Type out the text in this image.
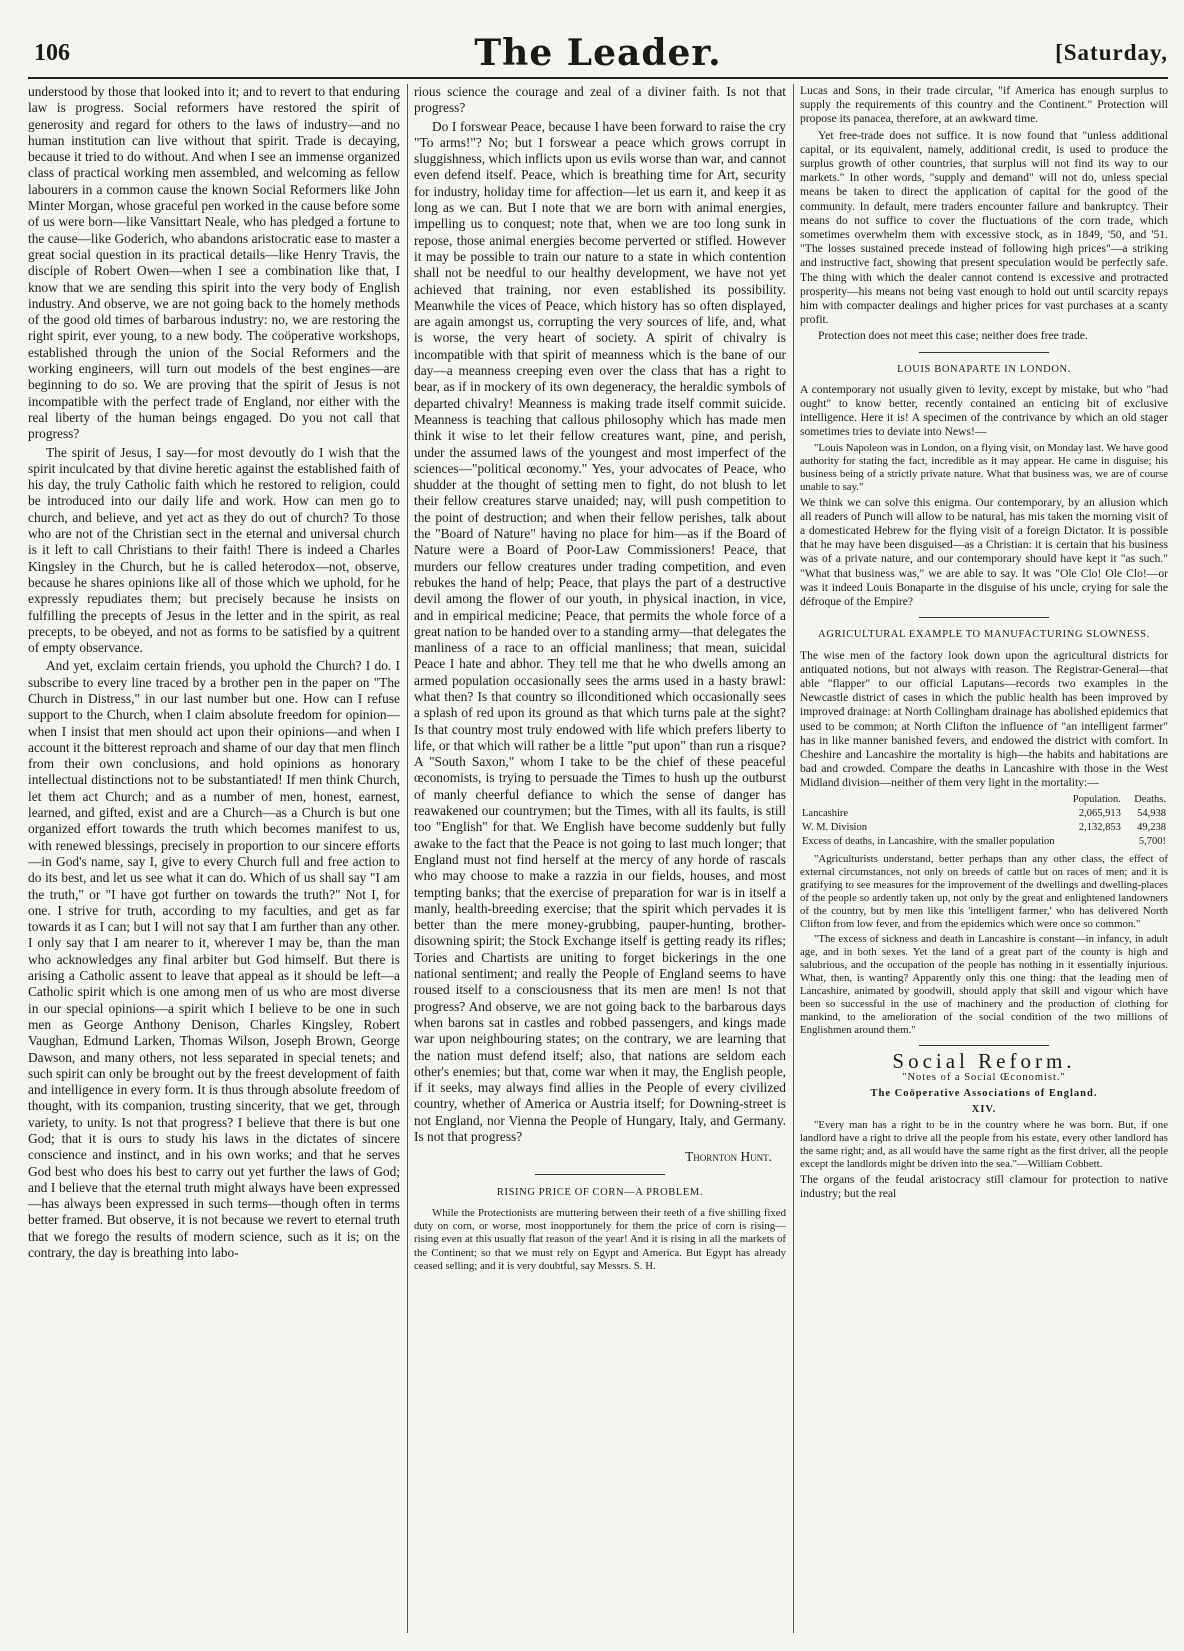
106	The Leader.	[Saturday,

understood by those that looked into it; and to revert to that enduring law is progress. Social reformers have restored the spirit of generosity and regard for others to the laws of industry—and no human institution can live without that spirit. Trade is decaying, because it tried to do without. And when I see an immense organized class of practical working men assembled, and welcoming as fellow labourers in a common cause the known Social Reformers like John Minter Morgan, whose graceful pen worked in the cause before some of us were born—like Vansittart Neale, who has pledged a fortune to the cause—like Goderich, who abandons aristocratic ease to master a great social question in its practical details—like Henry Travis, the disciple of Robert Owen—when I see a combination like that, I know that we are sending this spirit into the very body of English industry. And observe, we are not going back to the homely methods of the good old times of barbarous industry: no, we are restoring the right spirit, ever young, to a new body. The coöperative workshops, established through the union of the Social Reformers and the working engineers, will turn out models of the best engines—are beginning to do so. We are proving that the spirit of Jesus is not incompatible with the perfect trade of England, nor either with the real liberty of the human beings engaged. Do you not call that progress?

The spirit of Jesus, I say—for most devoutly do I wish that the spirit inculcated by that divine heretic against the established faith of his day, the truly Catholic faith which he restored to religion, could be introduced into our daily life and work. How can men go to church, and believe, and yet act as they do out of church? To those who are not of the Christian sect in the eternal and universal church is it left to call Christians to their faith! There is indeed a Charles Kingsley in the Church, but he is called heterodox—not, observe, because he shares opinions like all of those which we uphold, for he expressly repudiates them; but precisely because he insists on fulfilling the precepts of Jesus in the letter and in the spirit, as real precepts, to be obeyed, and not as forms to be satisfied by a quitrent of empty observance.

And yet, exclaim certain friends, you uphold the Church? I do. I subscribe to every line traced by a brother pen in the paper on "The Church in Distress," in our last number but one. How can I refuse support to the Church, when I claim absolute freedom for opinion—when I insist that men should act upon their opinions—and when I account it the bitterest reproach and shame of our day that men flinch from their own conclusions, and hold opinions as honorary intellectual distinctions not to be substantiated! If men think Church, let them act Church; and as a number of men, honest, earnest, learned, and gifted, exist and are a Church—as a Church is but one organized effort towards the truth which becomes manifest to us, with renewed blessings, precisely in proportion to our sincere efforts—in God's name, say I, give to every Church full and free action to do its best, and let us see what it can do. Which of us shall say "I am the truth," or "I have got further on towards the truth?" Not I, for one. I strive for truth, according to my faculties, and get as far towards it as I can; but I will not say that I am further than any other. I only say that I am nearer to it, wherever I may be, than the man who acknowledges any final arbiter but God himself. But there is arising a Catholic assent to leave that appeal as it should be left—a Catholic spirit which is one among men of us who are most diverse in our special opinions—a spirit which I believe to be one in such men as George Anthony Denison, Charles Kingsley, Robert Vaughan, Edmund Larken, Thomas Wilson, Joseph Brown, George Dawson, and many others, not less separated in special tenets; and such spirit can only be brought out by the freest development of faith and intelligence in every form. It is thus through absolute freedom of thought, with its companion, trusting sincerity, that we get, through variety, to unity. Is not that progress? I believe that there is but one God; that it is ours to study his laws in the dictates of sincere conscience and instinct, and in his own works; and that he serves God best who does his best to carry out yet further the laws of God; and I believe that the eternal truth might always have been expressed—has always been expressed in such terms—though often in terms better framed. But observe, it is not because we revert to eternal truth that we forego the results of modern science, such as it is; on the contrary, the day is breathing into labo-

rious science the courage and zeal of a diviner faith. Is not that progress?

Do I forswear Peace, because I have been forward to raise the cry "To arms!"? No; but I forswear a peace which grows corrupt in sluggishness, which inflicts upon us evils worse than war, and cannot even defend itself. Peace, which is breathing time for Art, security for industry, holiday time for affection—let us earn it, and keep it as long as we can. But I note that we are born with animal energies, impelling us to conquest; note that, when we are too long sunk in repose, those animal energies become perverted or stifled. However it may be possible to train our nature to a state in which contention shall not be needful to our healthy development, we have not yet achieved that training, nor even established its possibility. Meanwhile the vices of Peace, which history has so often displayed, are again amongst us, corrupting the very sources of life, and, what is worse, the very heart of society. A spirit of chivalry is incompatible with that spirit of meanness which is the bane of our day—a meanness creeping even over the class that has a right to bear, as if in mockery of its own degeneracy, the heraldic symbols of departed chivalry! Meanness is making trade itself commit suicide. Meanness is teaching that callous philosophy which has made men think it wise to let their fellow creatures want, pine, and perish, under the assumed laws of the youngest and most imperfect of the sciences—"political œconomy." Yes, your advocates of Peace, who shudder at the thought of setting men to fight, do not blush to let their fellow creatures starve unaided; nay, will push competition to the point of destruction; and when their fellow perishes, talk about the "Board of Nature" having no place for him—as if the Board of Nature were a Board of Poor-Law Commissioners! Peace, that murders our fellow creatures under trading competition, and even rebukes the hand of help; Peace, that plays the part of a destructive devil among the flower of our youth, in physical inaction, in vice, and in empirical medicine; Peace, that permits the whole force of a great nation to be handed over to a standing army—that delegates the manliness of a race to an official manliness; that mean, suicidal Peace I hate and abhor. They tell me that he who dwells among an armed population occasionally sees the arms used in a hasty brawl: what then? Is that country so illconditioned which occasionally sees a splash of red upon its ground as that which turns pale at the sight? Is that country most truly endowed with life which prefers liberty to life, or that which will rather be a little "put upon" than run a risque? A "South Saxon," whom I take to be the chief of these peaceful œconomists, is trying to persuade the Times to hush up the outburst of manly cheerful defiance to which the sense of danger has reawakened our countrymen; but the Times, with all its faults, is still too "English" for that. We English have become suddenly but fully awake to the fact that the Peace is not going to last much longer; that England must not find herself at the mercy of any horde of rascals who may choose to make a razzia in our fields, houses, and most tempting banks; that the exercise of preparation for war is in itself a manly, health-breeding exercise; that the spirit which pervades it is better than the mere money-grubbing, pauper-hunting, brother-disowning spirit; the Stock Exchange itself is getting ready its rifles; Tories and Chartists are uniting to forget bickerings in the one national sentiment; and really the People of England seems to have roused itself to a consciousness that its men are men! Is not that progress? And observe, we are not going back to the barbarous days when barons sat in castles and robbed passengers, and kings made war upon neighbouring states; on the contrary, we are learning that the nation must defend itself; also, that nations are seldom each other's enemies; but that, come war when it may, the English people, if it seeks, may always find allies in the People of every civilized country, whether of America or Austria itself; for Downing-street is not England, nor Vienna the People of Hungary, Italy, and Germany. Is not that progress?

Thornton Hunt.
RISING PRICE OF CORN—A PROBLEM.

While the Protectionists are muttering between their teeth of a five shilling fixed duty on corn, or worse, most inopportunely for them the price of corn is rising—rising even at this usually flat reason of the year! And it is rising in all the markets of the Continent; so that we must rely on Egypt and America. But Egypt has already ceased selling; and it is very doubtful, say Messrs. S. H.

Lucas and Sons, in their trade circular, "if America has enough surplus to supply the requirements of this country and the Continent." Protection will propose its panacea, therefore, at an awkward time.

Yet free-trade does not suffice. It is now found that "unless additional capital, or its equivalent, namely, additional credit, is used to produce the surplus growth of other countries, that surplus will not find its way to our markets." In other words, "supply and demand" will not do, unless special means be taken to direct the application of capital for the good of the community. In default, mere traders encounter failure and bankruptcy. Their means do not suffice to cover the fluctuations of the corn trade, which sometimes overwhelm them with excessive stock, as in 1849, '50, and '51. "The losses sustained precede instead of following high prices"—a striking and instructive fact, showing that present speculation would be perfectly safe. The thing with which the dealer cannot contend is excessive and protracted prosperity—his means not being vast enough to hold out until scarcity repays him with compacter dealings and higher prices for vast purchases at a scanty profit.

Protection does not meet this case; neither does free trade.

LOUIS BONAPARTE IN LONDON.

A contemporary not usually given to levity, except by mistake, but who "had ought" to know better, recently contained an enticing bit of exclusive intelligence. Here it is! A specimen of the contrivance by which an old stager sometimes tries to deviate into News!—

"Louis Napoleon was in London, on a flying visit, on Monday last. We have good authority for stating the fact, incredible as it may appear. He came in disguise; his business being of a strictly private nature. What that business was, we are of course unable to say."

We think we can solve this enigma. Our contemporary, by an allusion which all readers of Punch will allow to be natural, has mis taken the morning visit of a domesticated Hebrew for the flying visit of a foreign Dictator. It is possible that he may have been disguised—as a Christian: it is certain that his business was of a private nature, and our contemporary should have kept it "as such." "What that business was," we are able to say. It was "Ole Clo! Ole Clo!—or was it indeed Louis Bonaparte in the disguise of his uncle, crying for sale the défroque of the Empire?

AGRICULTURAL EXAMPLE TO MANUFACTURING SLOWNESS.

The wise men of the factory look down upon the agricultural districts for antiquated notions, but not always with reason. The Registrar-General—that able "flapper" to our official Laputans—records two examples in the Newcastle district of cases in which the public health has been improved by improved drainage: at North Collingham drainage has abolished epidemics that used to be common; at North Clifton the influence of "an intelligent farmer" has in like manner banished fevers, and endowed the district with comfort. In Cheshire and Lancashire the mortality is high—the habits and habitations are bad and crowded. Compare the deaths in Lancashire with those in the West Midland division—neither of them very light in the mortality:—

	Population.	Deaths.
Lancashire	2,065,913	54,938
W. M. Division	2,132,853	49,238
Excess of deaths, in Lancashire, with the smaller population		5,700!

"Agriculturists understand, better perhaps than any other class, the effect of external circumstances, not only on breeds of cattle but on races of men; and it is gratifying to see measures for the improvement of the dwellings and dwelling-places of the people so ardently taken up, not only by the great and enlightened landowners of the country, but by men like this 'intelligent farmer,' who has delivered North Clifton from low fever, and from the epidemics which were once so common."

"The excess of sickness and death in Lancashire is constant—in infancy, in adult age, and in both sexes. Yet the land of a great part of the county is high and salubrious, and the occupation of the people has nothing in it essentially injurious. What, then, is wanting? Apparently only this one thing: that the leading men of Lancashire, animated by goodwill, should apply that skill and vigour which have been so successful in the use of machinery and the production of clothing for mankind, to the amelioration of the social condition of the two millions of Englishmen around them."

Social Reform.
"Notes of a Social Œconomist."
The Coöperative Associations of England.
XIV.

"Every man has a right to be in the country where he was born. But, if one landlord have a right to drive all the people from his estate, every other landlord has the same right; and, as all would have the same right as the first driver, all the people except the landlords might be driven into the sea."—William Cobbett.

The organs of the feudal aristocracy still clamour for protection to native industry; but the real
